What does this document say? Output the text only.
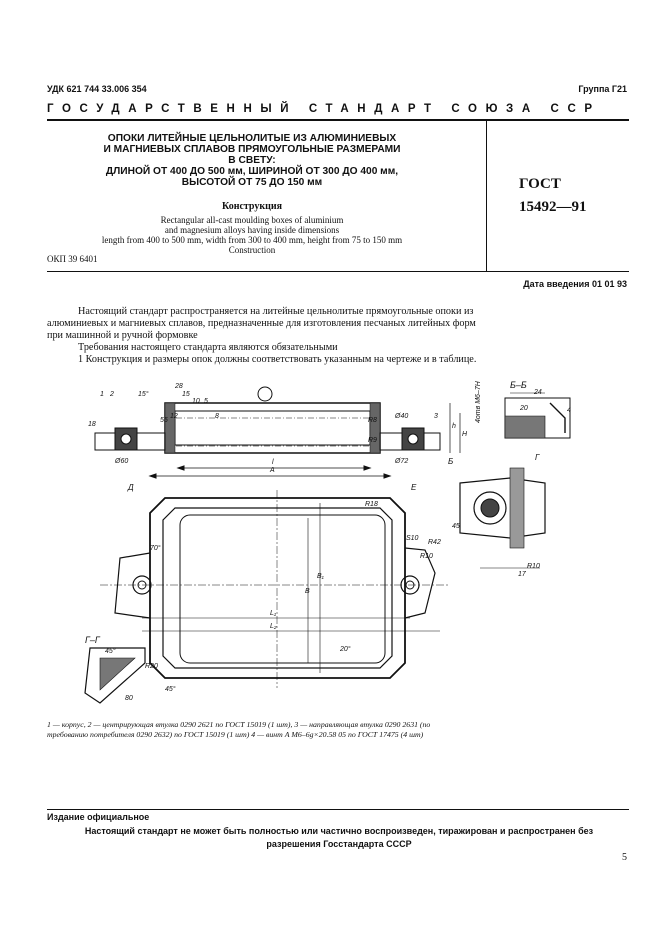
УДК 621 744 33.006 354	Группа Г21
ГОСУДАРСТВЕННЫЙ СТАНДАРТ СОЮЗА ССР
ОПОКИ ЛИТЕЙНЫЕ ЦЕЛЬНОЛИТЫЕ ИЗ АЛЮМИНИЕВЫХ
И МАГНИЕВЫХ СПЛАВОВ ПРЯМОУГОЛЬНЫЕ РАЗМЕРАМИ
В СВЕТУ:
ДЛИНОЙ ОТ 400 ДО 500 мм, ШИРИНОЙ ОТ 300 ДО 400 мм,
ВЫСОТОЙ ОТ 75 ДО 150 мм
Конструкция
Rectangular all-cast moulding boxes of aluminium
and magnesium alloys having inside dimensions
length from 400 to 500 mm, width from 300 to 400 mm, height from 75 to 150 mm
Construction
ОКП 39 6401
ГОСТ
15492—91
Дата введения 01 01 93
Настоящий стандарт распространяется на литейные цельнолитые прямоугольные опоки из
алюминиевых и магниевых сплавов, предназначенные для изготовления песчаных литейных форм
при машинной и ручной формовке
Требования настоящего стандарта являются обязательными
1 Конструкция и размеры опок должны соответствовать указанным на чертеже и в таблице.
Б–Б
Г–Г
Д	Е
Б	Г
A
l
B
B₁
L₁
L₂
H
h
R18
R42
R10
R10
R8
R9
R20
S10
70°
20°
45°
45°
15°
Ø60	Ø72
Ø40	4отв М6–7Н
28
15
10 5
20
24
4
17
80
1 2
3
12	8
18
55
45
1 — корпус, 2 — центрирующая втулка 0290 2621 по ГОСТ 15019 (1 шт), 3 — направляющая втулка 0290 2631 (по
требованию потребителя 0290 2632) по ГОСТ 15019 (1 шт) 4 — винт А М6–6g×20.58 05 по ГОСТ 17475 (4 шт)
Издание официальное
Настоящий стандарт не может быть полностью или частично воспроизведен, тиражирован и распространен без
разрешения Госстандарта СССР
5
